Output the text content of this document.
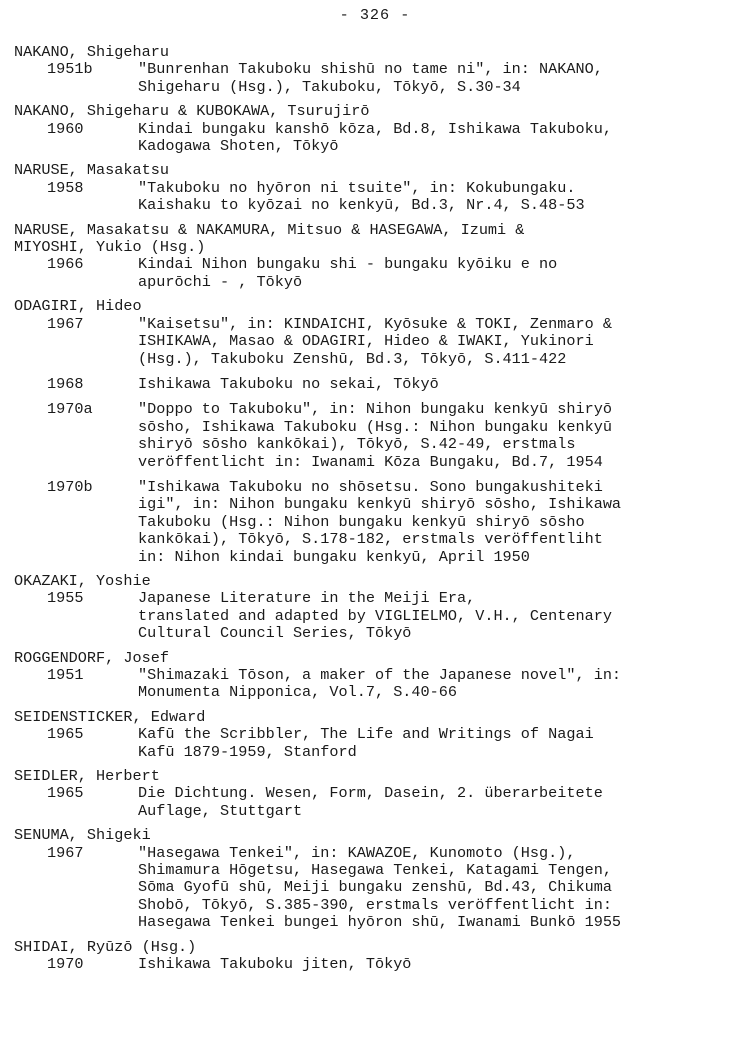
- 326 -
NAKANO, Shigeharu
1951b	"Bunrenhan Takuboku shishū no tame ni", in: NAKANO,
Shigeharu (Hsg.), Takuboku, Tōkyō, S.30-34
NAKANO, Shigeharu & KUBOKAWA, Tsurujirō
1960	Kindai bungaku kanshō kōza, Bd.8, Ishikawa Takuboku,
Kadogawa Shoten, Tōkyō
NARUSE, Masakatsu
1958	"Takuboku no hyōron ni tsuite", in: Kokubungaku.
Kaishaku to kyōzai no kenkyū, Bd.3, Nr.4, S.48-53
NARUSE, Masakatsu & NAKAMURA, Mitsuo & HASEGAWA, Izumi &
MIYOSHI, Yukio (Hsg.)
1966	Kindai Nihon bungaku shi - bungaku kyōiku e no
apurōchi - , Tōkyō
ODAGIRI, Hideo
1967	"Kaisetsu", in: KINDAICHI, Kyōsuke & TOKI, Zenmaro &
ISHIKAWA, Masao & ODAGIRI, Hideo & IWAKI, Yukinori
(Hsg.), Takuboku Zenshū, Bd.3, Tōkyō, S.411-422
1968	Ishikawa Takuboku no sekai, Tōkyō
1970a	"Doppo to Takuboku", in: Nihon bungaku kenkyū shiryō
sōsho, Ishikawa Takuboku (Hsg.: Nihon bungaku kenkyū
shiryō sōsho kankōkai), Tōkyō, S.42-49, erstmals
veröffentlicht in: Iwanami Kōza Bungaku, Bd.7, 1954
1970b	"Ishikawa Takuboku no shōsetsu. Sono bungakushiteki
igi", in: Nihon bungaku kenkyū shiryō sōsho, Ishikawa
Takuboku (Hsg.: Nihon bungaku kenkyū shiryō sōsho
kankōkai), Tōkyō, S.178-182, erstmals veröffentliht
in: Nihon kindai bungaku kenkyū, April 1950
OKAZAKI, Yoshie
1955	Japanese Literature in the Meiji Era,
translated and adapted by VIGLIELMO, V.H., Centenary
Cultural Council Series, Tōkyō
ROGGENDORF, Josef
1951	"Shimazaki Tōson, a maker of the Japanese novel", in:
Monumenta Nipponica, Vol.7, S.40-66
SEIDENSTICKER, Edward
1965	Kafū the Scribbler, The Life and Writings of Nagai
Kafū 1879-1959, Stanford
SEIDLER, Herbert
1965	Die Dichtung. Wesen, Form, Dasein, 2. überarbeitete
Auflage, Stuttgart
SENUMA, Shigeki
1967	"Hasegawa Tenkei", in: KAWAZOE, Kunomoto (Hsg.),
Shimamura Hōgetsu, Hasegawa Tenkei, Katagami Tengen,
Sōma Gyofū shū, Meiji bungaku zenshū, Bd.43, Chikuma
Shobō, Tōkyō, S.385-390, erstmals veröffentlicht in:
Hasegawa Tenkei bungei hyōron shū, Iwanami Bunkō 1955
SHIDAI, Ryūzō (Hsg.)
1970	Ishikawa Takuboku jiten, Tōkyō
